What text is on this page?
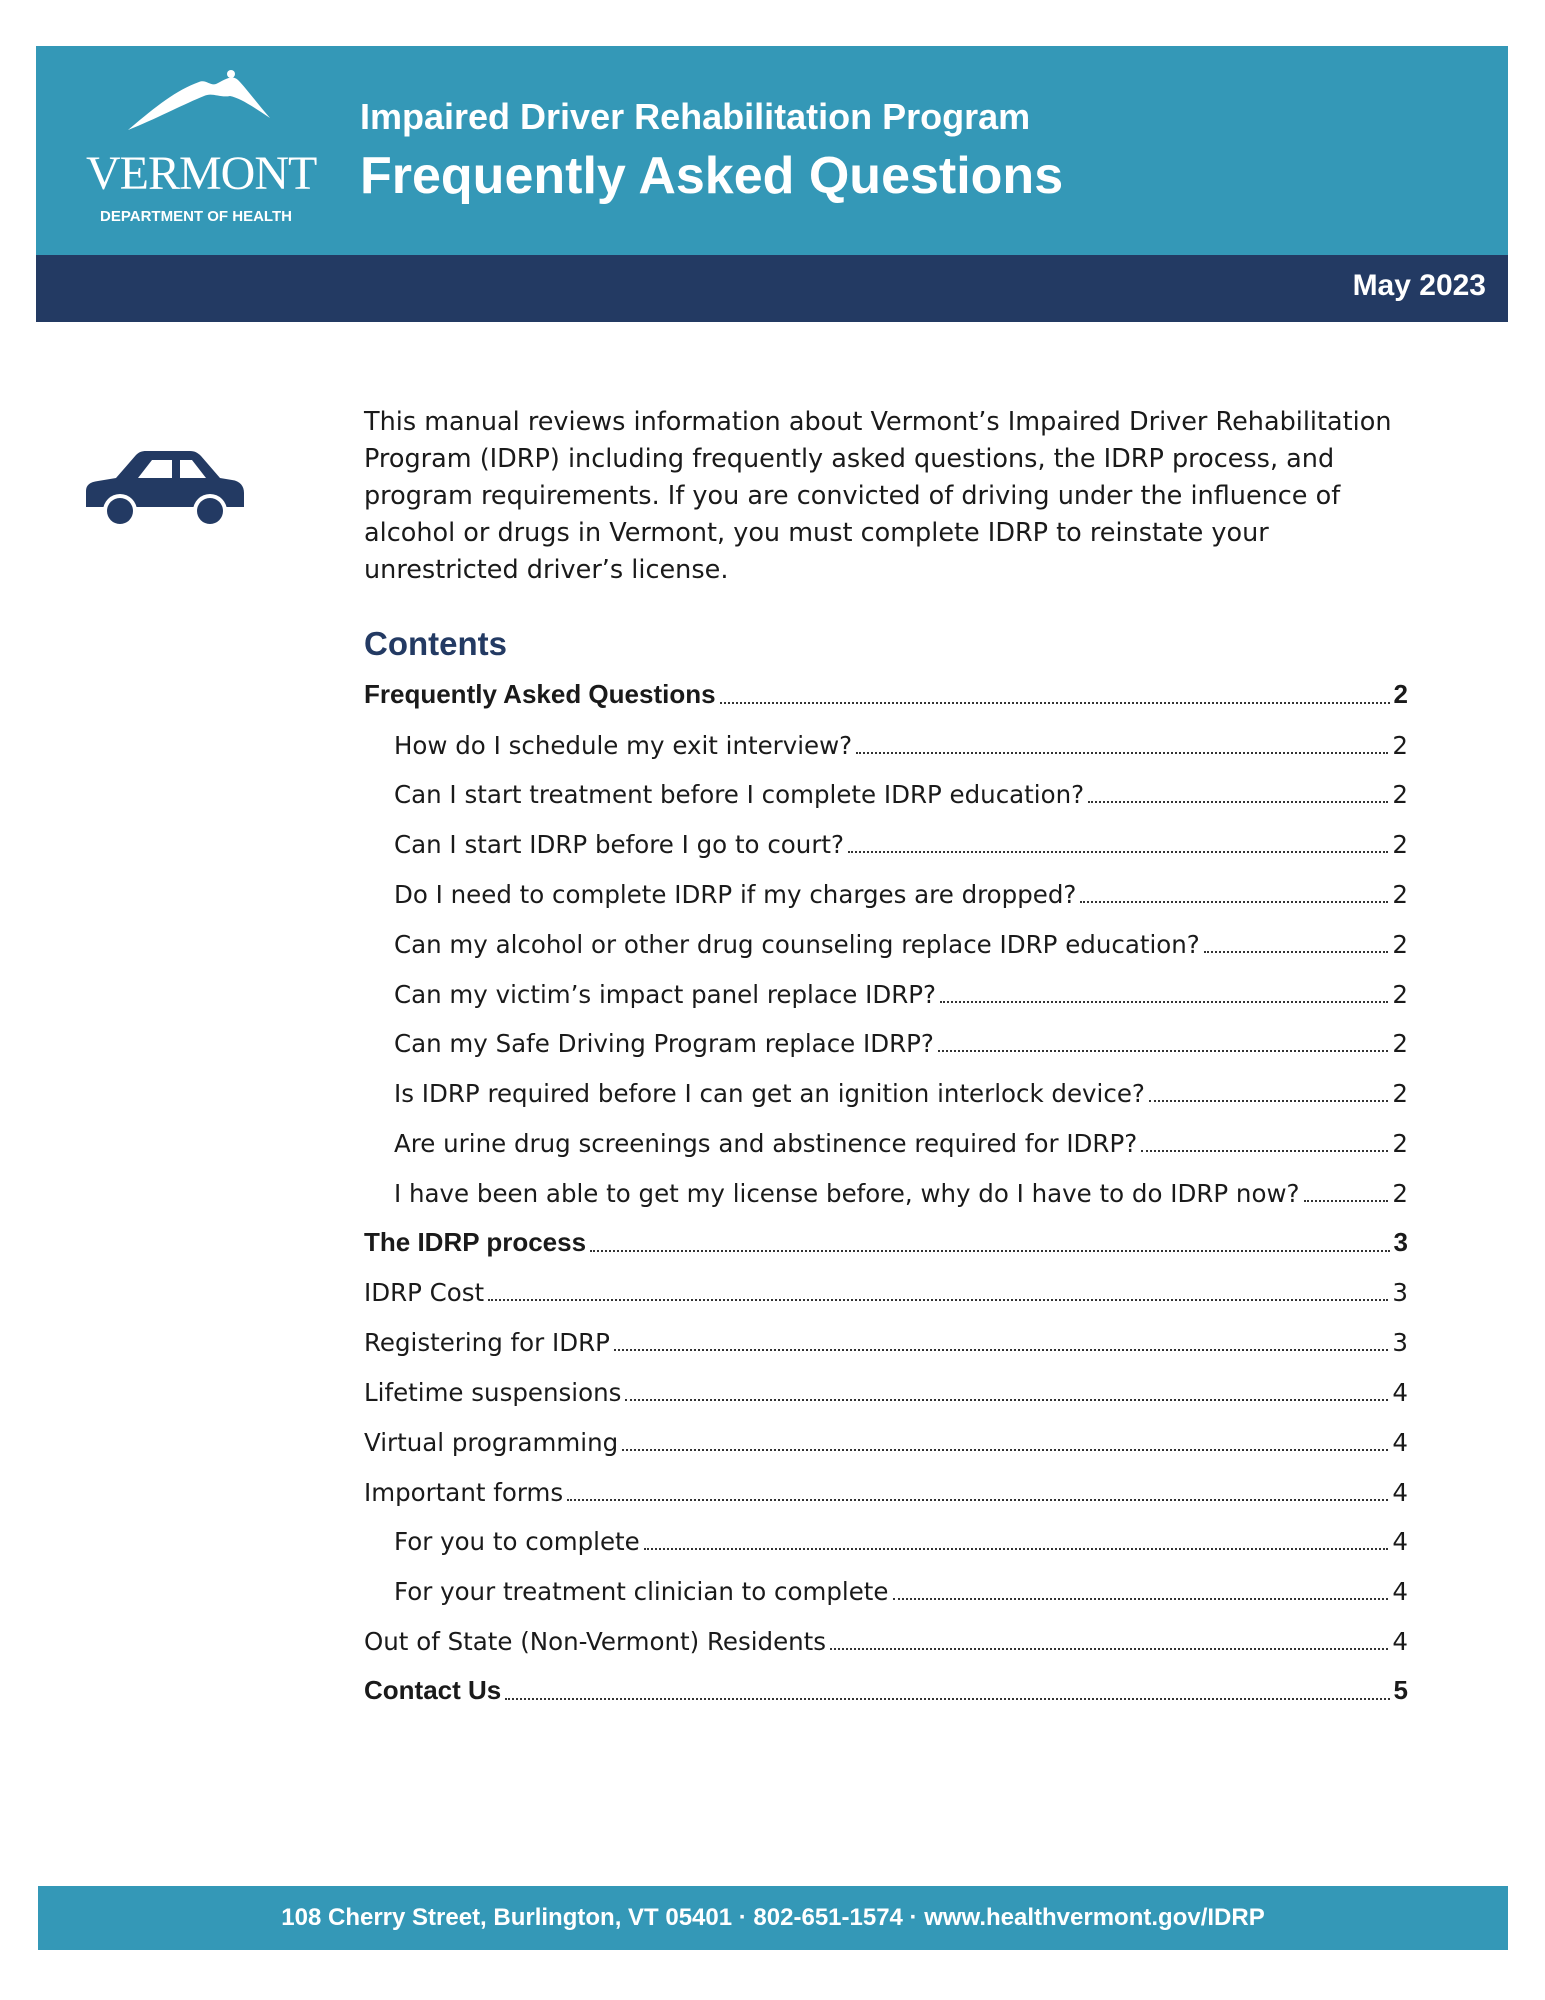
VERMONT
DEPARTMENT OF HEALTH
Impaired Driver Rehabilitation Program
Frequently Asked Questions
May 2023
This manual reviews information about Vermont’s Impaired Driver Rehabilitation Program (IDRP) including frequently asked questions, the IDRP process, and program requirements. If you are convicted of driving under the influence of alcohol or drugs in Vermont, you must complete IDRP to reinstate your unrestricted driver’s license.
Contents
Frequently Asked Questions	2
How do I schedule my exit interview?	2
Can I start treatment before I complete IDRP education?	2
Can I start IDRP before I go to court?	2
Do I need to complete IDRP if my charges are dropped?	2
Can my alcohol or other drug counseling replace IDRP education?	2
Can my victim’s impact panel replace IDRP?	2
Can my Safe Driving Program replace IDRP?	2
Is IDRP required before I can get an ignition interlock device?	2
Are urine drug screenings and abstinence required for IDRP?	2
I have been able to get my license before, why do I have to do IDRP now?	2
The IDRP process	3
IDRP Cost	3
Registering for IDRP	3
Lifetime suspensions	4
Virtual programming	4
Important forms	4
For you to complete	4
For your treatment clinician to complete	4
Out of State (Non-Vermont) Residents	4
Contact Us	5
108 Cherry Street, Burlington, VT 05401 · 802-651-1574 · www.healthvermont.gov/IDRP
